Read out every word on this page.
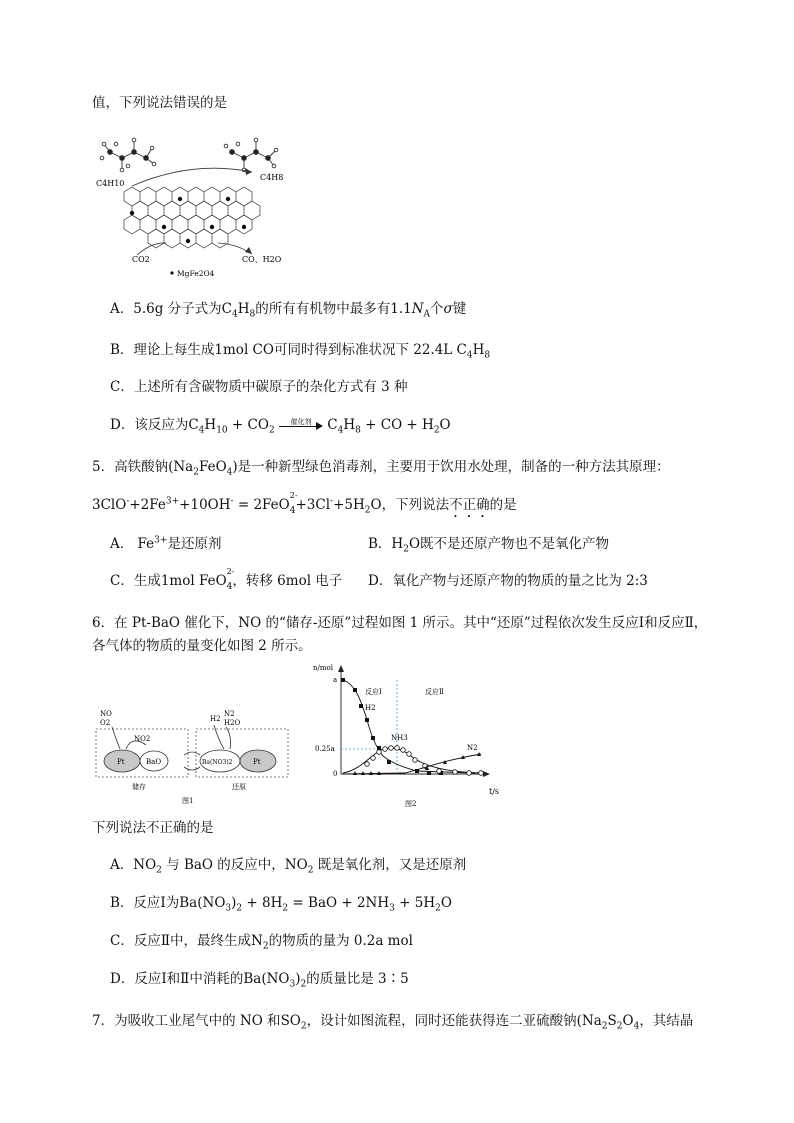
值，下列说法错误的是
C4H10
C4H8
CO2	CO、H2O
MgFe2O4
A．5.6g 分子式为$C_4H_8$的所有有机物中最多有$1.1N_A$个σ键
B．理论上每生成1mol CO可同时得到标准状况下 22.4L $C_4H_8$
C．上述所有含碳物质中碳原子的杂化方式有 3 种
D．该反应为$C_4H_{10} + CO_2$
催化剂 $C_4H_8$ + CO + $H_2O$
5．高铁酸钠$(Na_2FeO_4)$是一种新型绿色消毒剂，主要用于饮用水处理，制备的一种方法其原理：
$3ClO^-+2Fe^{3+}+10OH^- = 2FeO$
$_{2- 4}+3Cl^-+5H_2O$，下列说法不正确的是
A． $Fe^{3+}$是还原剂	B．$H_2O$既不是还原产物也不是氧化产物
C．生成1mol FeO
$_{2- 4}$，转移 6mol 电子 D．氧化产物与还原产物的物质的量之比为 2:3
6．在 Pt-BaO 催化下，NO 的“储存-还原”过程如图 1 所示。其中“还原”过程依次发生反应Ⅰ和反应Ⅱ，
各气体的物质的量变化如图 2 所示。
NO
O2
NO2
Pt	BaO
N2
H2O
H2
Ba(NO3)2	Pt
储存	还原
图1
n/mol
t/s
a
0.25a
0
反应Ⅰ	反应Ⅱ
H2
NH3
N2
图2
下列说法不正确的是
A．$NO_2$ 与 BaO 的反应中，$NO_2$ 既是氧化剂，又是还原剂
B．反应Ⅰ为$Ba(NO_3)_2 + 8H_2$ = BaO + $2NH_3 + 5H_2O$
C．反应Ⅱ中，最终生成$N_2$的物质的量为 0.2a mol
D．反应Ⅰ和Ⅱ中消耗的$Ba(NO_3)_2$的质量比是 3∶5
7．为吸收工业尾气中的 NO 和$SO_2$，设计如图流程，同时还能获得连二亚硫酸钠($Na_2S_2O_4$，其结晶
